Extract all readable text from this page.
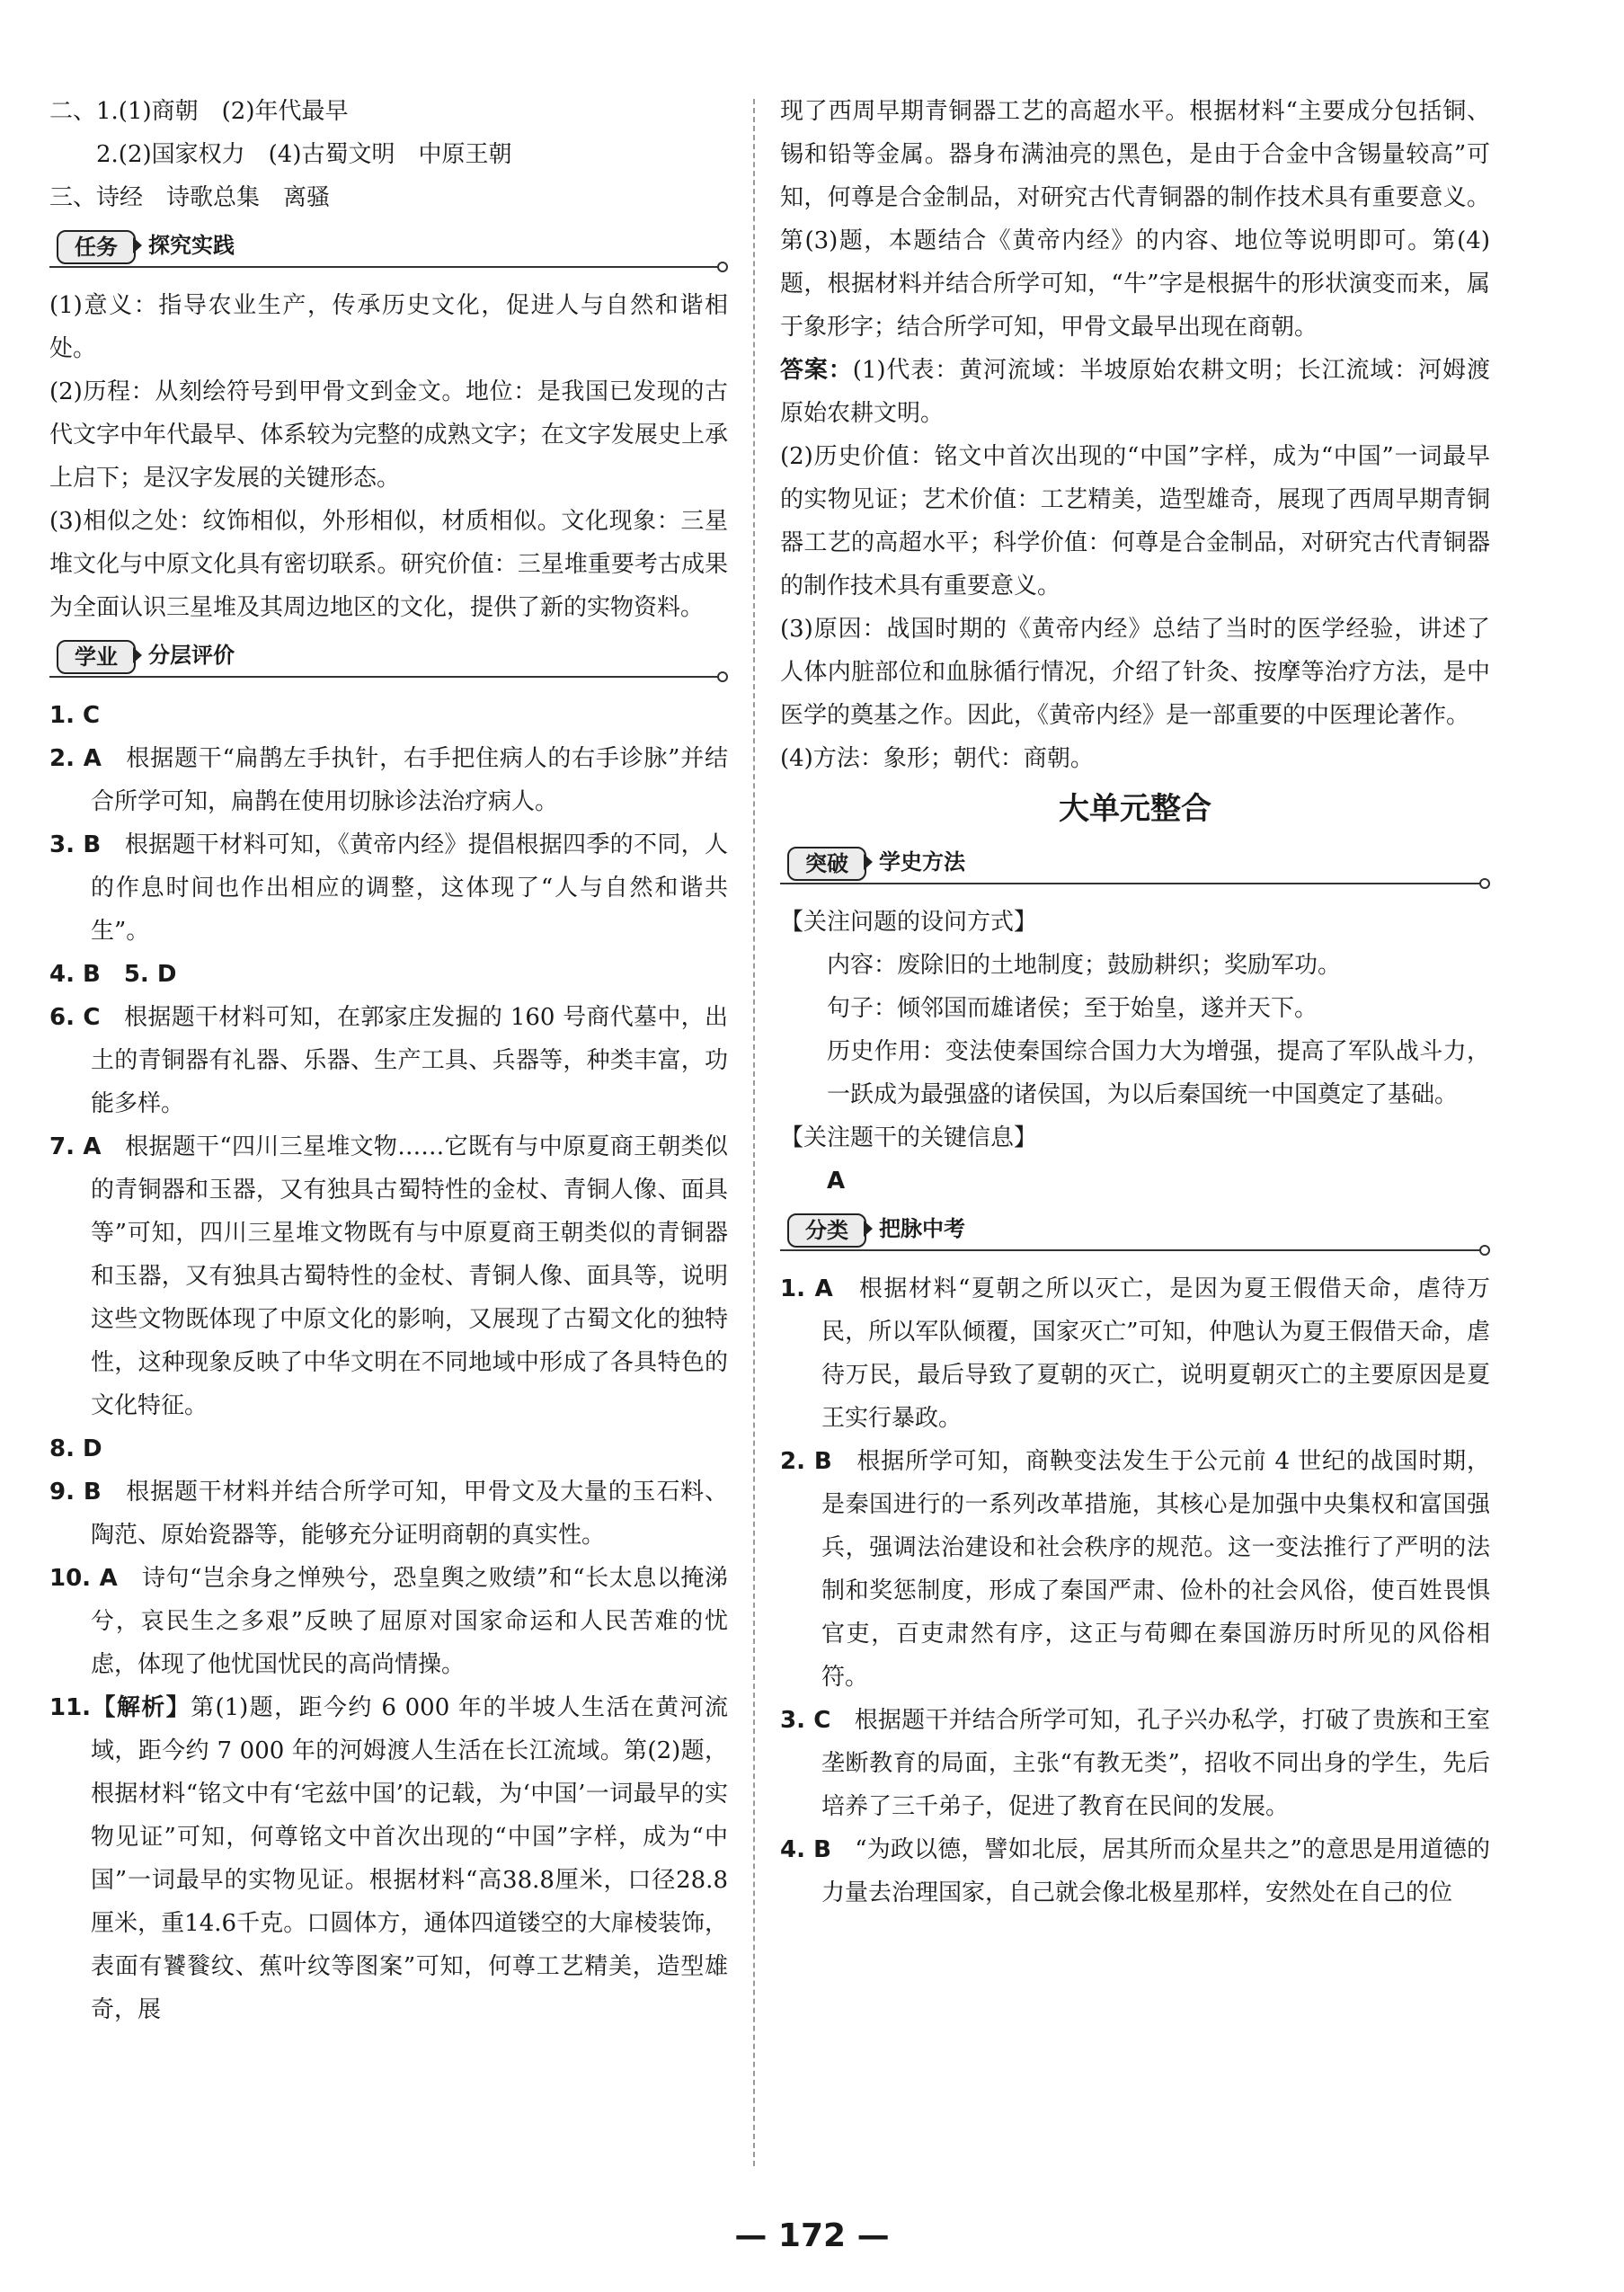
二、1.(1)商朝　(2)年代最早

2.(2)国家权力　(4)古蜀文明　中原王朝

三、诗经　诗歌总集　离骚

任务	探究实践

(1)意义：指导农业生产，传承历史文化，促进人与自然和谐相处。

(2)历程：从刻绘符号到甲骨文到金文。地位：是我国已发现的古代文字中年代最早、体系较为完整的成熟文字；在文字发展史上承上启下；是汉字发展的关键形态。

(3)相似之处：纹饰相似，外形相似，材质相似。文化现象：三星堆文化与中原文化具有密切联系。研究价值：三星堆重要考古成果为全面认识三星堆及其周边地区的文化，提供了新的实物资料。

学业	分层评价

1. C

2. A　根据题干“扁鹊左手执针，右手把住病人的右手诊脉”并结合所学可知，扁鹊在使用切脉诊法治疗病人。

3. B　根据题干材料可知，《黄帝内经》提倡根据四季的不同，人的作息时间也作出相应的调整，这体现了“人与自然和谐共生”。

4. B　5. D

6. C　根据题干材料可知，在郭家庄发掘的 160 号商代墓中，出土的青铜器有礼器、乐器、生产工具、兵器等，种类丰富，功能多样。

7. A　根据题干“四川三星堆文物……它既有与中原夏商王朝类似的青铜器和玉器，又有独具古蜀特性的金杖、青铜人像、面具等”可知，四川三星堆文物既有与中原夏商王朝类似的青铜器和玉器，又有独具古蜀特性的金杖、青铜人像、面具等，说明这些文物既体现了中原文化的影响，又展现了古蜀文化的独特性，这种现象反映了中华文明在不同地域中形成了各具特色的文化特征。

8. D

9. B　根据题干材料并结合所学可知，甲骨文及大量的玉石料、陶范、原始瓷器等，能够充分证明商朝的真实性。

10. A　诗句“岂余身之惮殃兮，恐皇舆之败绩”和“长太息以掩涕兮，哀民生之多艰”反映了屈原对国家命运和人民苦难的忧虑，体现了他忧国忧民的高尚情操。

11.【解析】第(1)题，距今约 6 000 年的半坡人生活在黄河流域，距今约 7 000 年的河姆渡人生活在长江流域。第(2)题，根据材料“铭文中有‘宅兹中国’的记载，为‘中国’一词最早的实物见证”可知，何尊铭文中首次出现的“中国”字样，成为“中国”一词最早的实物见证。根据材料“高38.8厘米，口径28.8厘米，重14.6千克。口圆体方，通体四道镂空的大扉棱装饰，表面有饕餮纹、蕉叶纹等图案”可知，何尊工艺精美，造型雄奇，展

现了西周早期青铜器工艺的高超水平。根据材料“主要成分包括铜、锡和铅等金属。器身布满油亮的黑色，是由于合金中含锡量较高”可知，何尊是合金制品，对研究古代青铜器的制作技术具有重要意义。第(3)题，本题结合《黄帝内经》的内容、地位等说明即可。第(4)题，根据材料并结合所学可知，“牛”字是根据牛的形状演变而来，属于象形字；结合所学可知，甲骨文最早出现在商朝。

答案：(1)代表：黄河流域：半坡原始农耕文明；长江流域：河姆渡原始农耕文明。

(2)历史价值：铭文中首次出现的“中国”字样，成为“中国”一词最早的实物见证；艺术价值：工艺精美，造型雄奇，展现了西周早期青铜器工艺的高超水平；科学价值：何尊是合金制品，对研究古代青铜器的制作技术具有重要意义。

(3)原因：战国时期的《黄帝内经》总结了当时的医学经验，讲述了人体内脏部位和血脉循行情况，介绍了针灸、按摩等治疗方法，是中医学的奠基之作。因此，《黄帝内经》是一部重要的中医理论著作。

(4)方法：象形；朝代：商朝。

大单元整合
突破	学史方法

【关注问题的设问方式】

内容：废除旧的土地制度；鼓励耕织；奖励军功。

句子：倾邻国而雄诸侯；至于始皇，遂并天下。

历史作用：变法使秦国综合国力大为增强，提高了军队战斗力，一跃成为最强盛的诸侯国，为以后秦国统一中国奠定了基础。

【关注题干的关键信息】

A

分类	把脉中考

1. A　根据材料“夏朝之所以灭亡，是因为夏王假借天命，虐待万民，所以军队倾覆，国家灭亡”可知，仲虺认为夏王假借天命，虐待万民，最后导致了夏朝的灭亡，说明夏朝灭亡的主要原因是夏王实行暴政。

2. B　根据所学可知，商鞅变法发生于公元前 4 世纪的战国时期，是秦国进行的一系列改革措施，其核心是加强中央集权和富国强兵，强调法治建设和社会秩序的规范。这一变法推行了严明的法制和奖惩制度，形成了秦国严肃、俭朴的社会风俗，使百姓畏惧官吏，百吏肃然有序，这正与荀卿在秦国游历时所见的风俗相符。

3. C　根据题干并结合所学可知，孔子兴办私学，打破了贵族和王室垄断教育的局面，主张“有教无类”，招收不同出身的学生，先后培养了三千弟子，促进了教育在民间的发展。

4. B　“为政以德，譬如北辰，居其所而众星共之”的意思是用道德的力量去治理国家，自己就会像北极星那样，安然处在自己的位

— 172 —
